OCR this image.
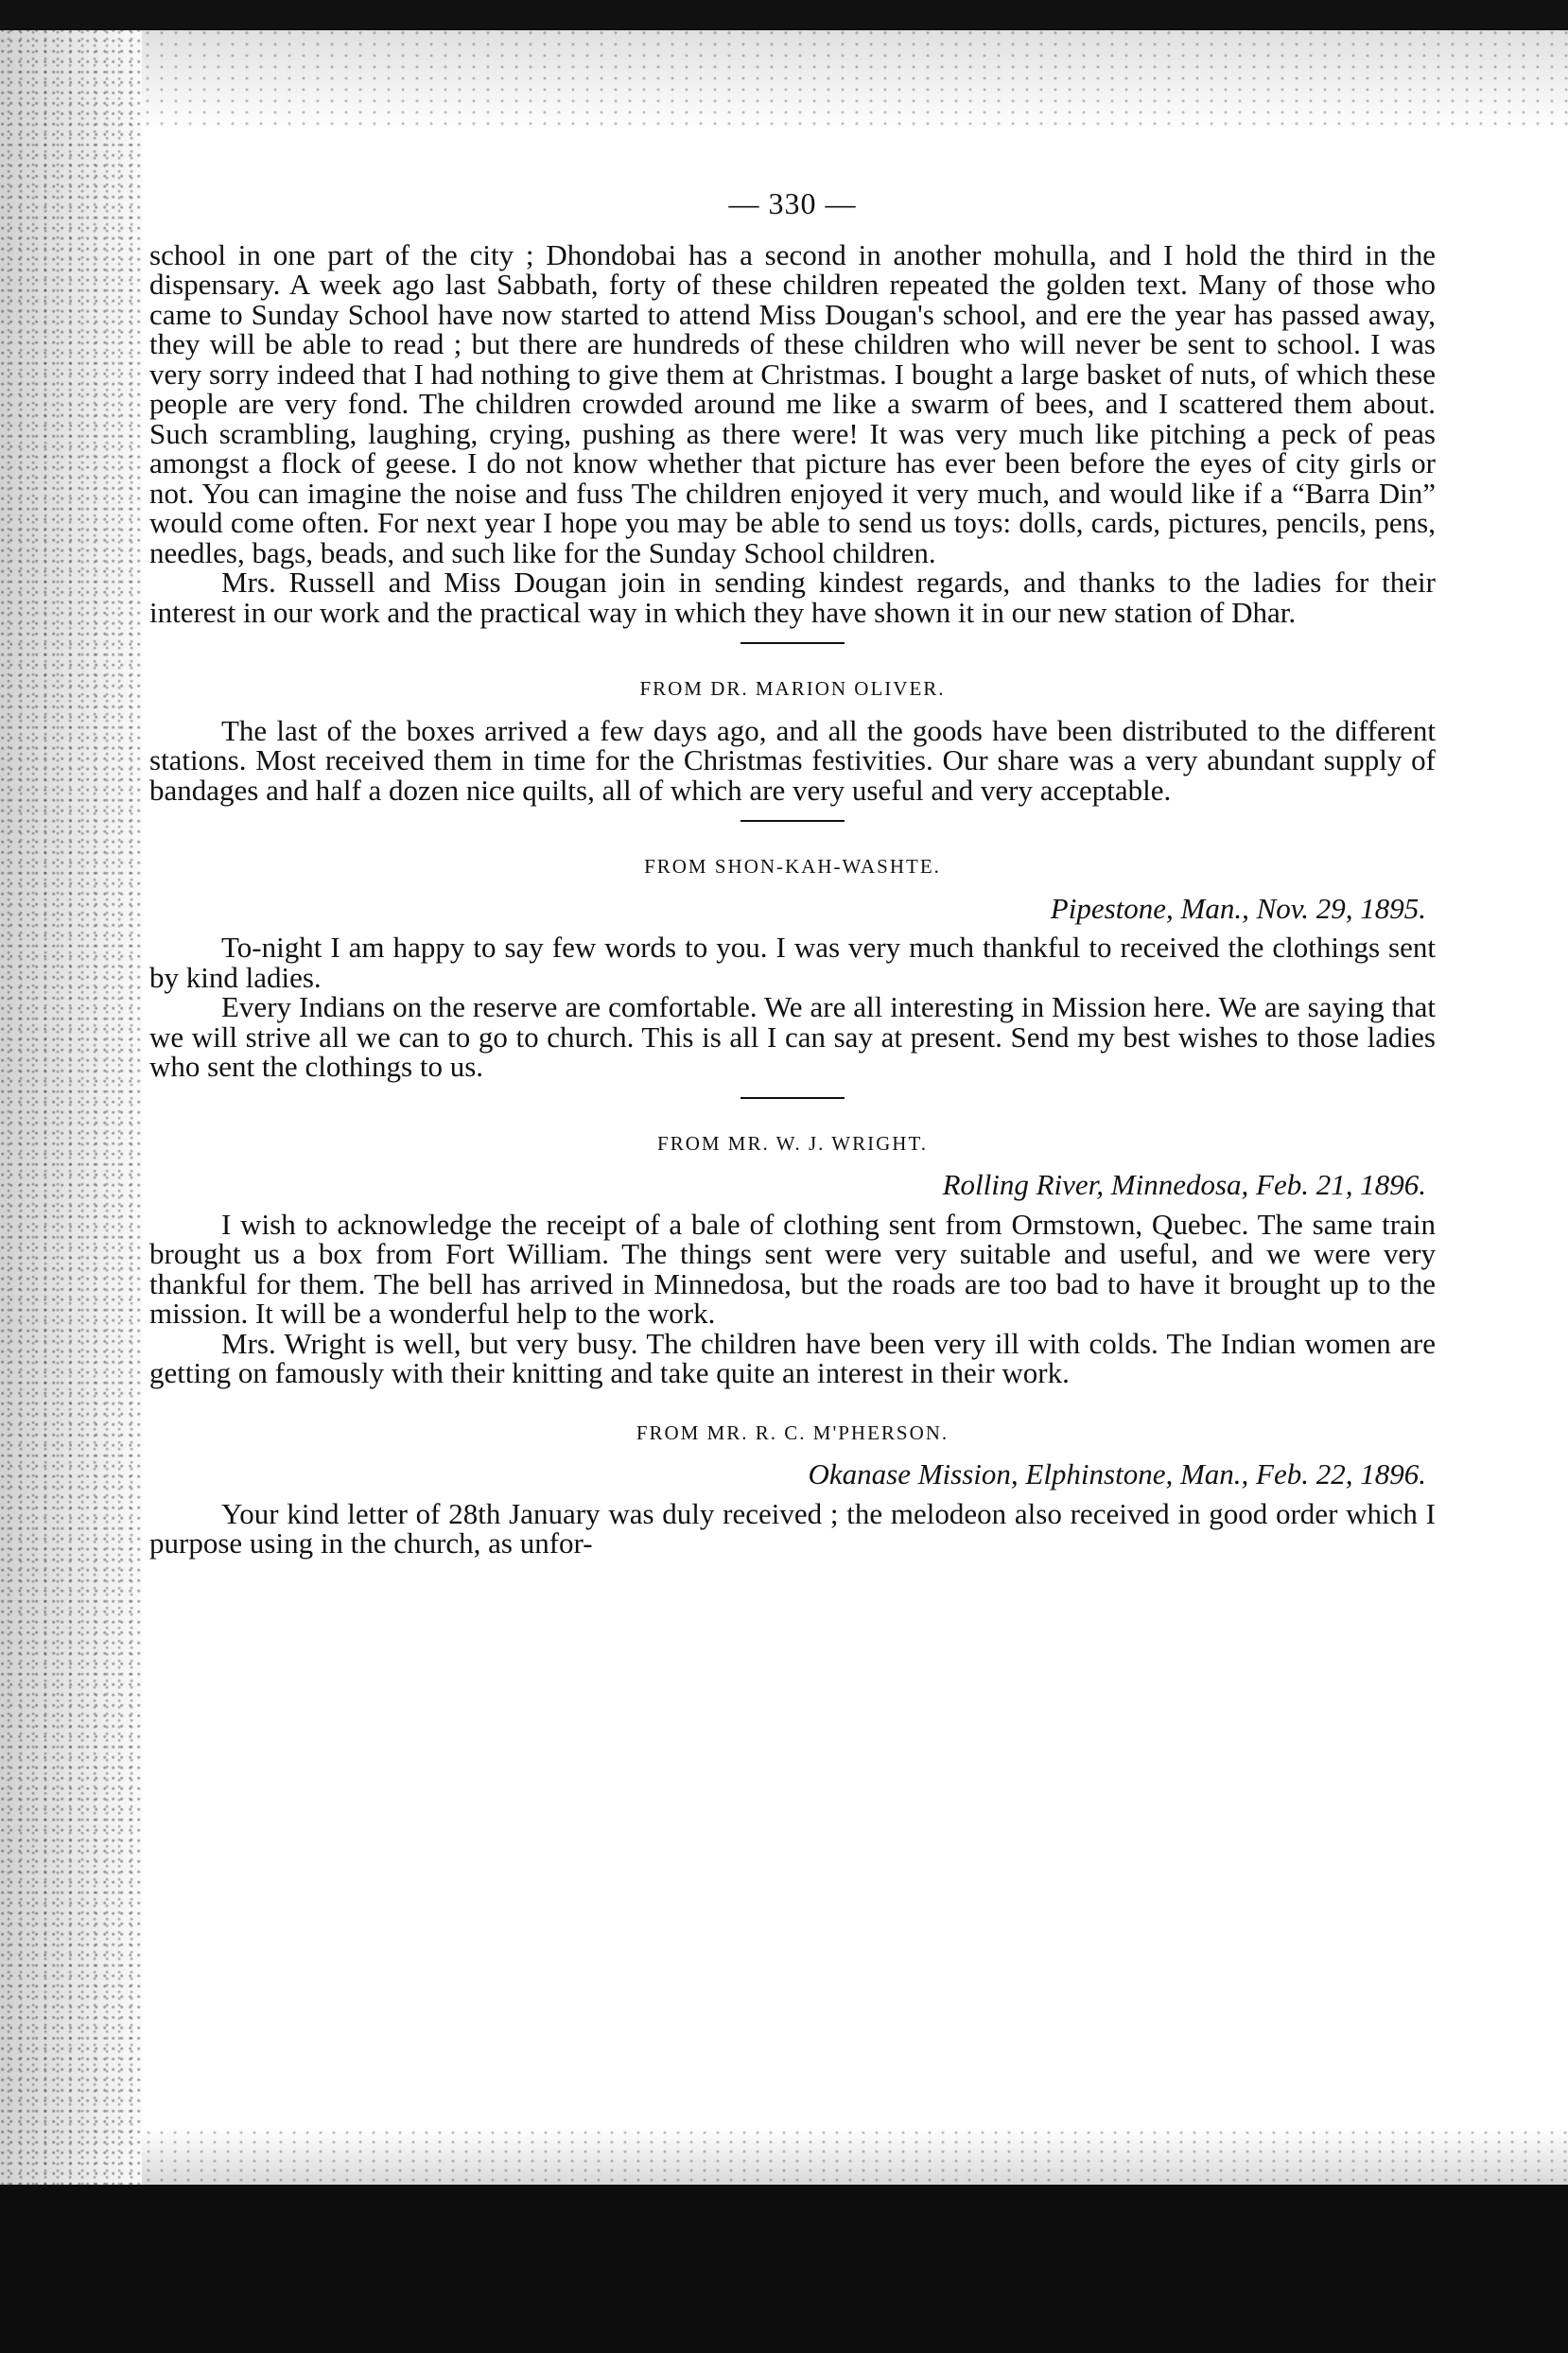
— 330 —

school in one part of the city ; Dhondobai has a second in another mohulla, and I hold the third in the dispensary. A week ago last Sabbath, forty of these children repeated the golden text. Many of those who came to Sunday School have now started to attend Miss Dougan's school, and ere the year has passed away, they will be able to read ; but there are hundreds of these children who will never be sent to school. I was very sorry indeed that I had nothing to give them at Christmas. I bought a large basket of nuts, of which these people are very fond. The children crowded around me like a swarm of bees, and I scattered them about. Such scrambling, laughing, crying, pushing as there were! It was very much like pitching a peck of peas amongst a flock of geese. I do not know whether that picture has ever been before the eyes of city girls or not. You can imagine the noise and fuss The children enjoyed it very much, and would like if a “Barra Din” would come often. For next year I hope you may be able to send us toys: dolls, cards, pictures, pencils, pens, needles, bags, beads, and such like for the Sunday School children.

Mrs. Russell and Miss Dougan join in sending kindest regards, and thanks to the ladies for their interest in our work and the practical way in which they have shown it in our new station of Dhar.

FROM DR. MARION OLIVER.

The last of the boxes arrived a few days ago, and all the goods have been distributed to the different stations. Most received them in time for the Christmas festivities. Our share was a very abundant supply of bandages and half a dozen nice quilts, all of which are very useful and very acceptable.

FROM SHON-KAH-WASHTE.
Pipestone, Man., Nov. 29, 1895.

To-night I am happy to say few words to you. I was very much thankful to received the clothings sent by kind ladies.

Every Indians on the reserve are comfortable. We are all interesting in Mission here. We are saying that we will strive all we can to go to church. This is all I can say at present. Send my best wishes to those ladies who sent the clothings to us.

FROM MR. W. J. WRIGHT.
Rolling River, Minnedosa, Feb. 21, 1896.

I wish to acknowledge the receipt of a bale of clothing sent from Ormstown, Quebec. The same train brought us a box from Fort William. The things sent were very suitable and useful, and we were very thankful for them. The bell has arrived in Minnedosa, but the roads are too bad to have it brought up to the mission. It will be a wonderful help to the work.

Mrs. Wright is well, but very busy. The children have been very ill with colds. The Indian women are getting on famously with their knitting and take quite an interest in their work.

FROM MR. R. C. M'PHERSON.
Okanase Mission, Elphinstone, Man., Feb. 22, 1896.

Your kind letter of 28th January was duly received ; the melodeon also received in good order which I purpose using in the church, as unfor-
